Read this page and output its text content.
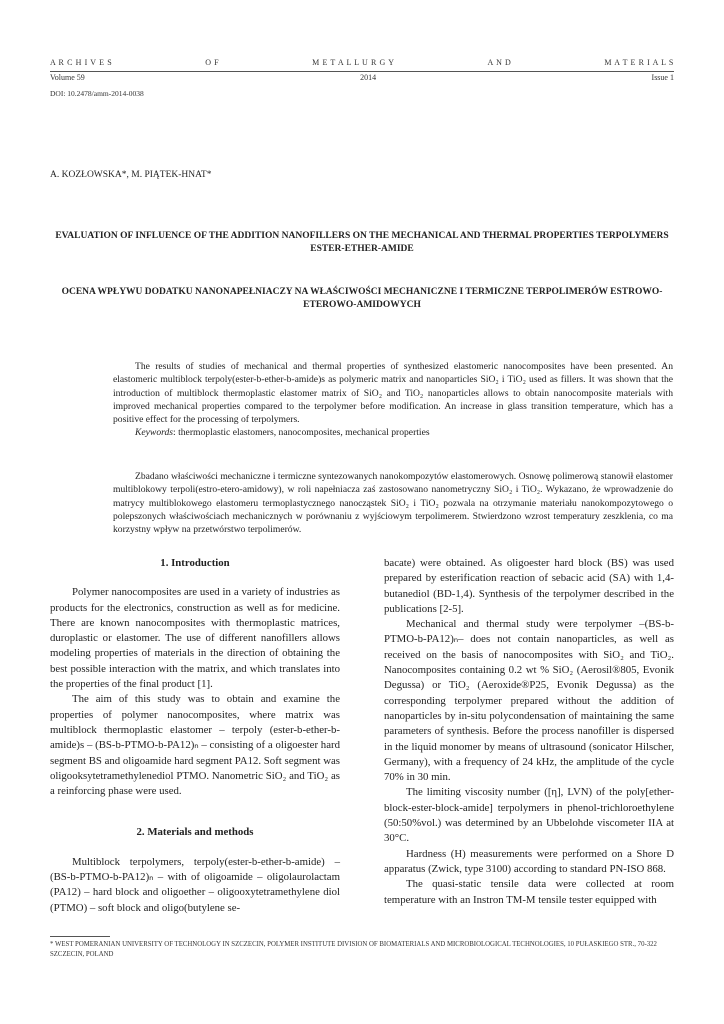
A R C H I V E S	O F	M E T A L L U R G Y	A N D	M A T E R I A L S
Volume 59	2014	Issue 1
DOI: 10.2478/amm-2014-0038
A. KOZŁOWSKA*, M. PIĄTEK-HNAT*
EVALUATION OF INFLUENCE OF THE ADDITION NANOFILLERS ON THE MECHANICAL AND THERMAL PROPERTIES TERPOLYMERS ESTER-ETHER-AMIDE
OCENA WPŁYWU DODATKU NANONAPEŁNIACZY NA WŁAŚCIWOŚCI MECHANICZNE I TERMICZNE TERPOLIMERÓW ESTROWO-ETEROWO-AMIDOWYCH

The results of studies of mechanical and thermal properties of synthesized elastomeric nanocomposites have been presented. An elastomeric multiblock terpoly(ester-b-ether-b-amide)s as polymeric matrix and nanoparticles SiO₂ i TiO₂ used as fillers. It was shown that the introduction of multiblock thermoplastic elastomer matrix of SiO₂ and TiO₂ nanoparticles allows to obtain nanocomposite materials with improved mechanical properties compared to the terpolymer before modification. An increase in glass transition temperature, which has a positive effect for the processing of terpolymers.

Keywords: thermoplastic elastomers, nanocomposites, mechanical properties

Zbadano właściwości mechaniczne i termiczne syntezowanych nanokompozytów elastomerowych. Osnowę polimerową stanowił elastomer multiblokowy terpoli(estro-etero-amidowy), w roli napełniacza zaś zastosowano nanometryczny SiO₂ i TiO₂. Wykazano, że wprowadzenie do matrycy multiblokowego elastomeru termoplastycznego nanocząstek SiO₂ i TiO₂ pozwala na otrzymanie materiału nanokompozytowego o polepszonych właściwościach mechanicznych w porównaniu z wyjściowym terpolimerem. Stwierdzono wzrost temperatury zeszklenia, co ma korzystny wpływ na przetwórstwo terpolimerów.

1. Introduction

Polymer nanocomposites are used in a variety of industries as products for the electronics, construction as well as for medicine. There are known nanocomposites with thermoplastic matrices, duroplastic or elastomer. The use of different nanofillers allows modeling properties of materials in the direction of obtaining the best possible interaction with the matrix, and which translates into the properties of the final product [1].

The aim of this study was to obtain and examine the properties of polymer nanocomposites, where matrix was multiblock thermoplastic elastomer – terpoly (ester-b-ether-b-amide)s – (BS-b-PTMO-b-PA12)ₙ – consisting of a oligoester hard segment BS and oligoamide hard segment PA12. Soft segment was oligooksytetramethylenediol PTMO. Nanometric SiO₂ and TiO₂ as a reinforcing phase were used.

2. Materials and methods

Multiblock terpolymers, terpoly(ester-b-ether-b-amide) – (BS-b-PTMO-b-PA12)ₙ – with of oligoamide – oligolaurolactam (PA12) – hard block and oligoether – oligooxytetramethylene diol (PTMO) – soft block and oligo(butylene se-

bacate) were obtained. As oligoester hard block (BS) was used prepared by esterification reaction of sebacic acid (SA) with 1,4-butanediol (BD-1,4). Synthesis of the terpolymer described in the publications [2-5].

Mechanical and thermal study were terpolymer –(BS-b-PTMO-b-PA12)ₙ– does not contain nanoparticles, as well as received on the basis of nanocomposites with SiO₂ and TiO₂. Nanocomposites containing 0.2 wt % SiO₂ (Aerosil®805, Evonik Degussa) or TiO₂ (Aeroxide®P25, Evonik Degussa) as the corresponding terpolymer prepared without the addition of nanoparticles by in-situ polycondensation of maintaining the same parameters of synthesis. Before the process nanofiller is dispersed in the liquid monomer by means of ultrasound (sonicator Hilscher, Germany), with a frequency of 24 kHz, the amplitude of the cycle 70% in 30 min.

The limiting viscosity number ([η], LVN) of the poly[ether-block-ester-block-amide] terpolymers in phenol-trichloroethylene (50:50%vol.) was determined by an Ubbelohde viscometer IIA at 30°C.

Hardness (H) measurements were performed on a Shore D apparatus (Zwick, type 3100) according to standard PN-ISO 868.

The quasi-static tensile data were collected at room temperature with an Instron TM-M tensile tester equipped with

* WEST POMERANIAN UNIVERSITY OF TECHNOLOGY IN SZCZECIN, POLYMER INSTITUTE DIVISION OF BIOMATERIALS AND MICROBIOLOGICAL TECHNOLOGIES, 10 PUŁASKIEGO STR., 70-322 SZCZECIN, POLAND
